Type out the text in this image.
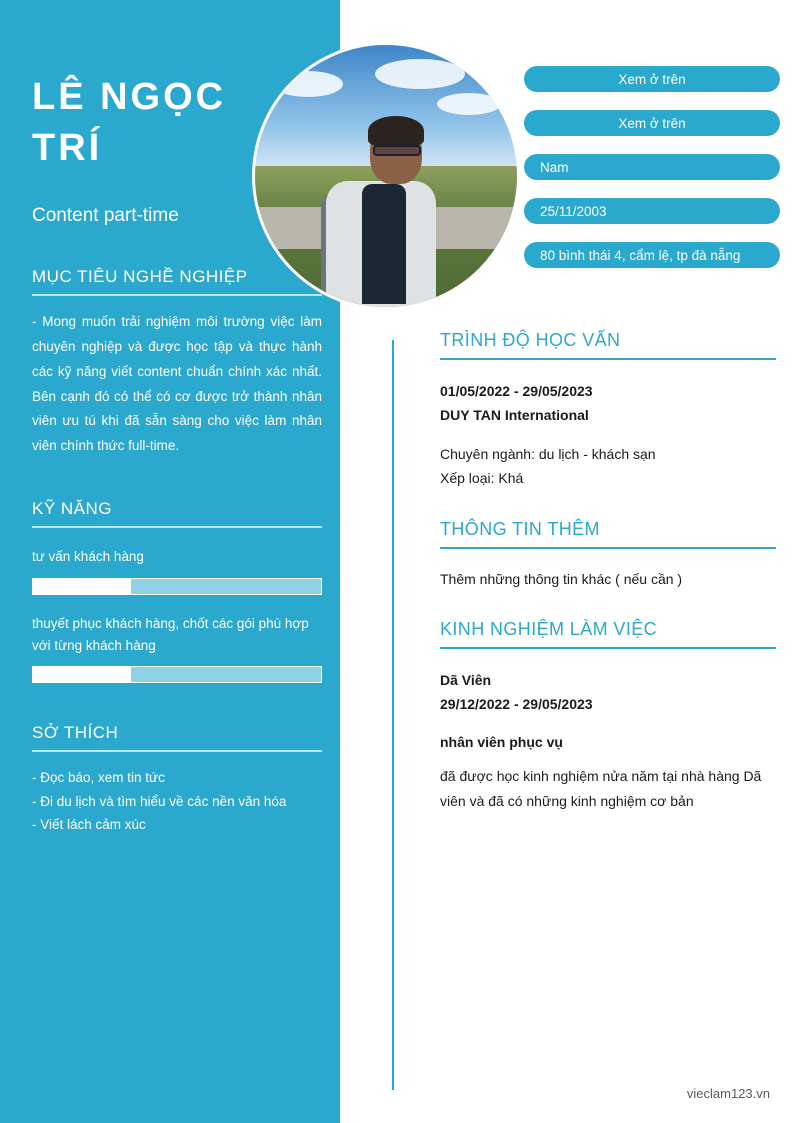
LÊ NGỌC
TRÍ
Content part-time
MỤC TIÊU NGHỀ NGHIỆP
- Mong muốn trải nghiệm môi trường việc làm chuyên nghiệp và được học tập và thực hành các kỹ năng viết content chuẩn chính xác nhất. Bên cạnh đó có thể có cơ được trở thành nhân viên ưu tú khi đã sẵn sàng cho việc làm nhân viên chính thức full-time.
KỸ NĂNG
tư vấn khách hàng
thuyết phục khách hàng, chốt các gói phù hợp với từng khách hàng
SỞ THÍCH
- Đọc báo, xem tin tức
- Đi du lịch và tìm hiểu về các nền văn hóa
- Viết lách cảm xúc
TRÌNH ĐỘ HỌC VẤN
01/05/2022 - 29/05/2023
DUY TAN International
Chuyên ngành: du lịch - khách sạn
Xếp loại: Khá
THÔNG TIN THÊM
Thêm những thông tin khác ( nếu cần )
KINH NGHIỆM LÀM VIỆC
Dã Viên
29/12/2022 - 29/05/2023
nhân viên phục vụ
đã được học kinh nghiệm nửa năm tại nhà hàng Dã viên và đã có những kinh nghiệm cơ bản
Xem ở trên
Xem ở trên
Nam
25/11/2003
80 bình thái 4, cẩm lệ, tp đà nẵng
vieclam123.vn
